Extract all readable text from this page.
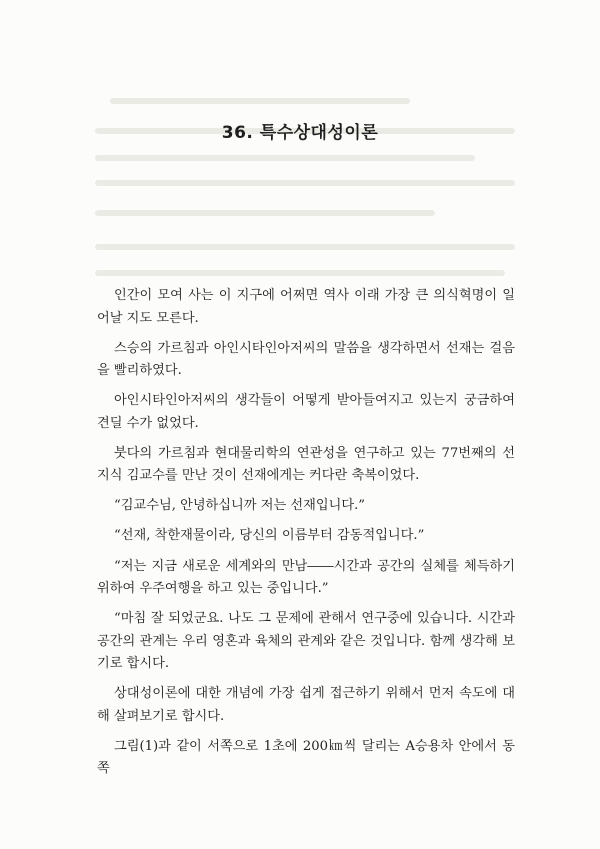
36. 특수상대성이론

인간이 모여 사는 이 지구에 어쩌면 역사 이래 가장 큰 의식혁명이 일어날 지도 모른다.

스승의 가르침과 아인시타인아저씨의 말씀을 생각하면서 선재는 걸음을 빨리하였다.

아인시타인아저씨의 생각들이 어떻게 받아들여지고 있는지 궁금하여 견딜 수가 없었다.

붓다의 가르침과 현대물리학의 연관성을 연구하고 있는 77번째의 선지식 김교수를 만난 것이 선재에게는 커다란 축복이었다.

“김교수님, 안녕하십니까 저는 선재입니다.”

“선재, 착한재물이라, 당신의 이름부터 감동적입니다.”

“저는 지금 새로운 세계와의 만남――시간과 공간의 실체를 체득하기 위하여 우주여행을 하고 있는 중입니다.”

“마침 잘 되었군요. 나도 그 문제에 관해서 연구중에 있습니다. 시간과 공간의 관계는 우리 영혼과 육체의 관계와 같은 것입니다. 함께 생각해 보기로 합시다.

상대성이론에 대한 개념에 가장 쉽게 접근하기 위해서 먼저 속도에 대해 살펴보기로 합시다.

그림(1)과 같이 서쪽으로 1초에 200㎞씩 달리는 A승용차 안에서 동쪽
